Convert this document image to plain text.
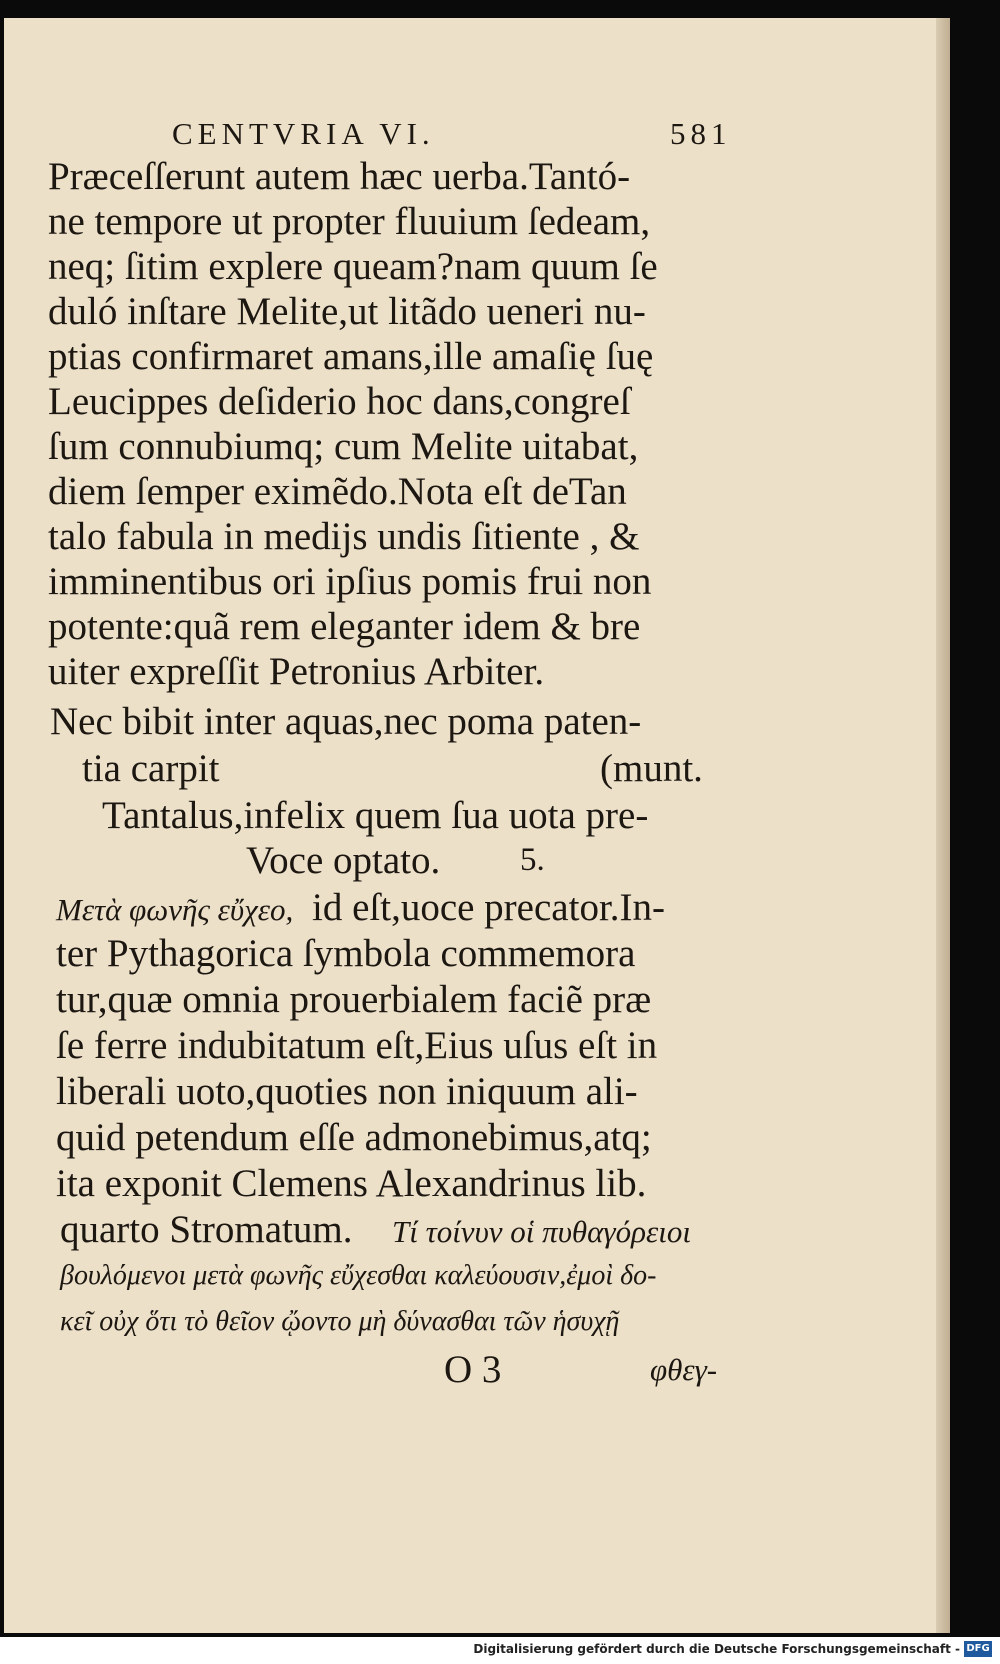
CENTVRIA VI.	581
Præceſſerunt autem hæc uerba.Tantó-
ne tempore ut propter fluuium ſedeam,
neq; ſitim explere queam?nam quum ſe
duló inſtare Melite,ut litãdo ueneri nu-
ptias confirmaret amans,ille amaſię ſuę
Leucippes deſiderio hoc dans,congreſ
ſum connubiumq; cum Melite uitabat,
diem ſemper eximẽdo.Nota eſt deTan
talo fabula in medijs undis ſitiente , &
imminentibus ori ipſius pomis frui non
potente:quã rem eleganter idem & bre
uiter expreſſit Petronius Arbiter.
Nec bibit inter aquas,nec poma paten-
tia carpit	(munt.
Tantalus,infelix quem ſua uota pre-
Voce optato. 5.
Μετὰ φωνῆς εὔχεο, id eſt,uoce precator.In-
ter Pythagorica ſymbola commemora
tur,quæ omnia prouerbialem faciẽ præ
ſe ferre indubitatum eſt,Eius uſus eſt in
liberali uoto,quoties non iniquum ali-
quid petendum eſſe admonebimus,atq;
ita exponit Clemens Alexandrinus lib.
quarto Stromatum. Τί τοίνυν οἱ πυθαγόρειοι
βουλόμενοι μετὰ φωνῆς εὔχεσθαι καλεύουσιν,ἐμοὶ δο-
κεῖ οὐχ ὅτι τὸ θεῖον ᾤοντο μὴ δύνασθαι τῶν ἡσυχῇ
O 3	φθεγ-
Digitalisierung gefördert durch die Deutsche Forschungsgemeinschaft - DFG
